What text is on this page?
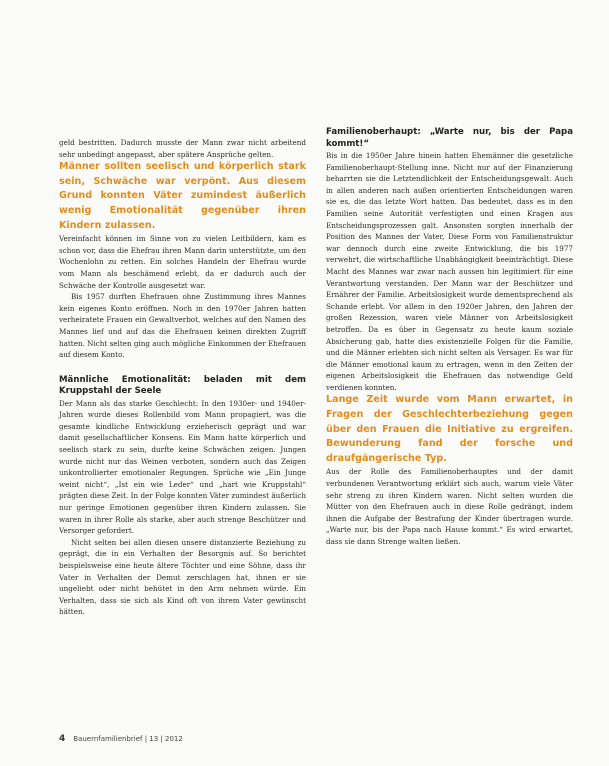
geld bestritten. Dadurch musste der Mann zwar nicht arbeitend sehr unbedingt angepasst, aber spätere Ansprüche gelten.

Männer sollten seelisch und körperlich stark sein, Schwäche war verpönt. Aus diesem Grund konnten Väter zumindest äußerlich wenig Emotionalität gegenüber ihren Kindern zulassen.

Vereinfacht können im Sinne von zu vielen Leitbildern, kam es schon vor, dass die Ehefrau ihren Mann darin unterstützte, um den Wochenlohn zu retten. Ein solches Handeln der Ehefrau wurde vom Mann als beschämend erlebt, da er dadurch auch der Schwäche der Kontrolle ausgesetzt war.

Bis 1957 durften Ehefrauen ohne Zustimmung ihres Mannes kein eigenes Konto eröffnen. Noch in den 1970er Jahren hatten verheiratete Frauen ein Gewaltverbot, welches auf den Namen des Mannes lief und auf das die Ehefrauen keinen direkten Zugriff hatten. Nicht selten ging auch mögliche Einkommen der Ehefrauen auf diesem Konto.

Männliche Emotionalität: beladen mit dem Kruppstahl der Seele

Der Mann als das starke Geschlecht: In den 1930er- und 1940er-Jahren wurde dieses Rollenbild vom Mann propagiert, was die gesamte kindliche Entwicklung erzieherisch geprägt und war damit gesellschaftlicher Konsens. Ein Mann hatte körperlich und seelisch stark zu sein, durfte keine Schwächen zeigen. Jungen wurde nicht nur das Weinen verboten, sondern auch das Zeigen unkontrollierter emotionaler Regungen. Sprüche wie „Ein Junge weint nicht“, „Ist ein wie Leder“ und „hart wie Kruppstahl“ prägten diese Zeit. In der Folge konnten Väter zumindest äußerlich nur geringe Emotionen gegenüber ihren Kindern zulassen. Sie waren in ihrer Rolle als starke, aber auch strenge Beschützer und Versorger gefordert.

Nicht selten bei allen diesen unsere distanzierte Beziehung zu geprägt, die in ein Verhalten der Besorgnis auf. So berichtet beispielsweise eine heute ältere Töchter und eine Söhne, dass ihr Vater in Verhalten der Demut zerschlagen hat, ihnen er sie ungeliebt oder nicht behütet in den Arm nehmen würde. Ein Verhalten, dass sie sich als Kind oft von ihrem Vater gewünscht hätten.

Familienoberhaupt: „Warte nur, bis der Papa kommt!“

Bis in die 1950er Jahre hinein hatten Ehemänner die gesetzliche Familienoberhaupt-Stellung inne. Nicht nur auf der Finanzierung beharrten sie die Letztendlichkeit der Entscheidungsgewalt. Auch in allen anderen nach außen orientierten Entscheidungen waren sie es, die das letzte Wort hatten. Das bedeutet, dass es in den Familien seine Autorität verfestigten und einen Kragen aus Entscheidungsprozessen galt. Ansonsten sorgten innerhalb der Position des Mannes der Vater, Diese Form von Familienstruktur war dennoch durch eine zweite Entwicklung, die bis 1977 verwehrt, die wirtschaftliche Unabhängigkeit beeinträchtigt. Diese Macht des Mannes war zwar nach aussen hin legitimiert für eine Verantwortung verstanden. Der Mann war der Beschützer und Ernährer der Familie. Arbeitslosigkeit wurde dementsprechend als Schande erlebt. Vor allem in den 1920er Jahren, den Jahren der großen Rezession, waren viele Männer von Arbeitslosigkeit betroffen. Da es über in Gegensatz zu heute kaum soziale Absicherung gab, hatte dies existenzielle Folgen für die Familie, und die Männer erlebten sich nicht selten als Versager. Es war für die Männer emotional kaum zu ertragen, wenn in den Zeiten der eigenen Arbeitslosigkeit die Ehefrauen das notwendige Geld verdienen konnten.

Lange Zeit wurde vom Mann erwartet, in Fragen der Geschlechterbeziehung gegen über den Frauen die Initiative zu ergreifen. Bewunderung fand der forsche und draufgängerische Typ.

Aus der Rolle des Familienoberhauptes und der damit verbundenen Verantwortung erklärt sich auch, warum viele Väter sehr streng zu ihren Kindern waren. Nicht selten wurden die Mütter von den Ehefrauen auch in diese Rolle gedrängt, indem ihnen die Aufgabe der Bestrafung der Kinder übertragen wurde. „Warte nur, bis der Papa nach Hause kommt.“ Es wird erwartet, dass sie dann Strenge walten ließen.

4 Bauernfamilienbrief | 13 | 2012
